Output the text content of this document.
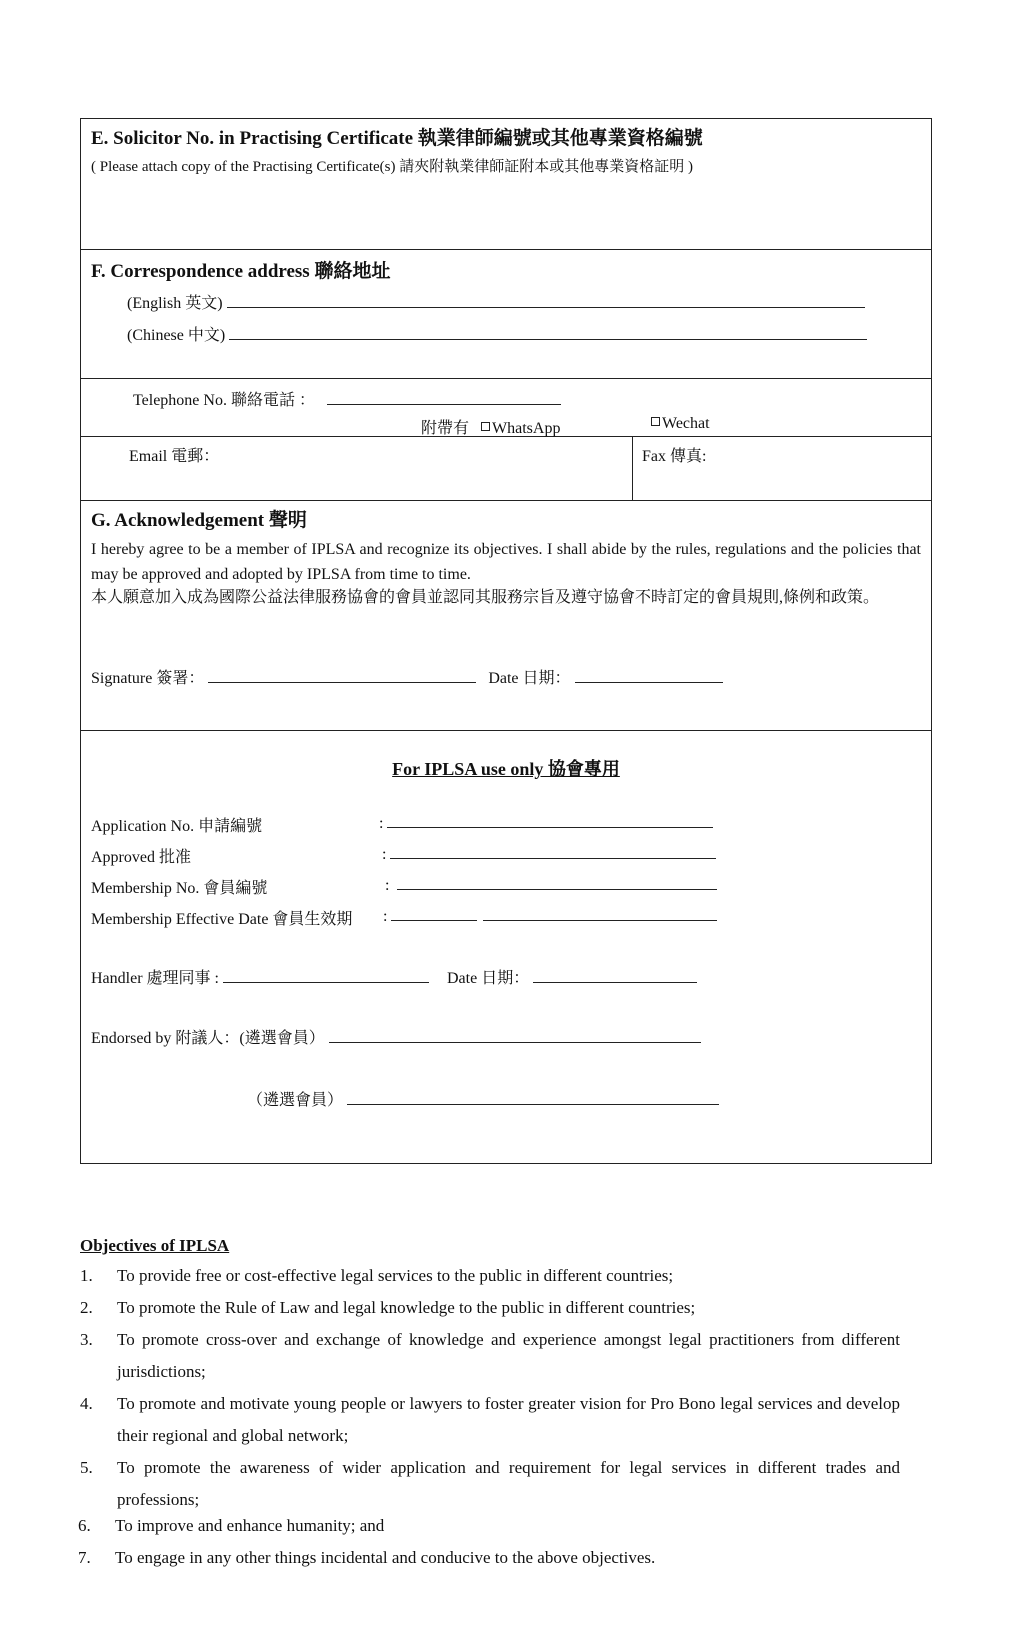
E. Solicitor No. in Practising Certificate 執業律師編號或其他專業資格編號
( Please attach copy of the Practising Certificate(s) 請夾附執業律師証附本或其他專業資格証明 )
F. Correspondence address 聯絡地址
(English 英文)
(Chinese 中文)
Telephone No. 聯絡電話 ：
附帶有 WhatsApp	Wechat
Email 電郵：	Fax 傳真:
G. Acknowledgement 聲明
I hereby agree to be a member of IPLSA and recognize its objectives. I shall abide by the rules, regulations and the policies that may be approved and adopted by IPLSA from time to time.
本人願意加入成為國際公益法律服務協會的會員並認同其服務宗旨及遵守協會不時訂定的會員規則,條例和政策。
Signature 簽署：	Date 日期：
For IPLSA use only 協會專用
Application No. 申請編號	:
Approved 批准	:
Membership No. 會員編號	:
Membership Effective Date 會員生效期 :
Handler 處理同事 :	Date 日期：
Endorsed by 附議人：(遴選會員）
（遴選會員）
Objectives of IPLSA
1. To provide free or cost-effective legal services to the public in different countries;
2. To promote the Rule of Law and legal knowledge to the public in different countries;
3. To promote cross-over and exchange of knowledge and experience amongst legal practitioners from different jurisdictions;
4. To promote and motivate young people or lawyers to foster greater vision for Pro Bono legal services and develop their regional and global network;
5. To promote the awareness of wider application and requirement for legal services in different trades and professions;
6. To improve and enhance humanity; and
7. To engage in any other things incidental and conducive to the above objectives.
